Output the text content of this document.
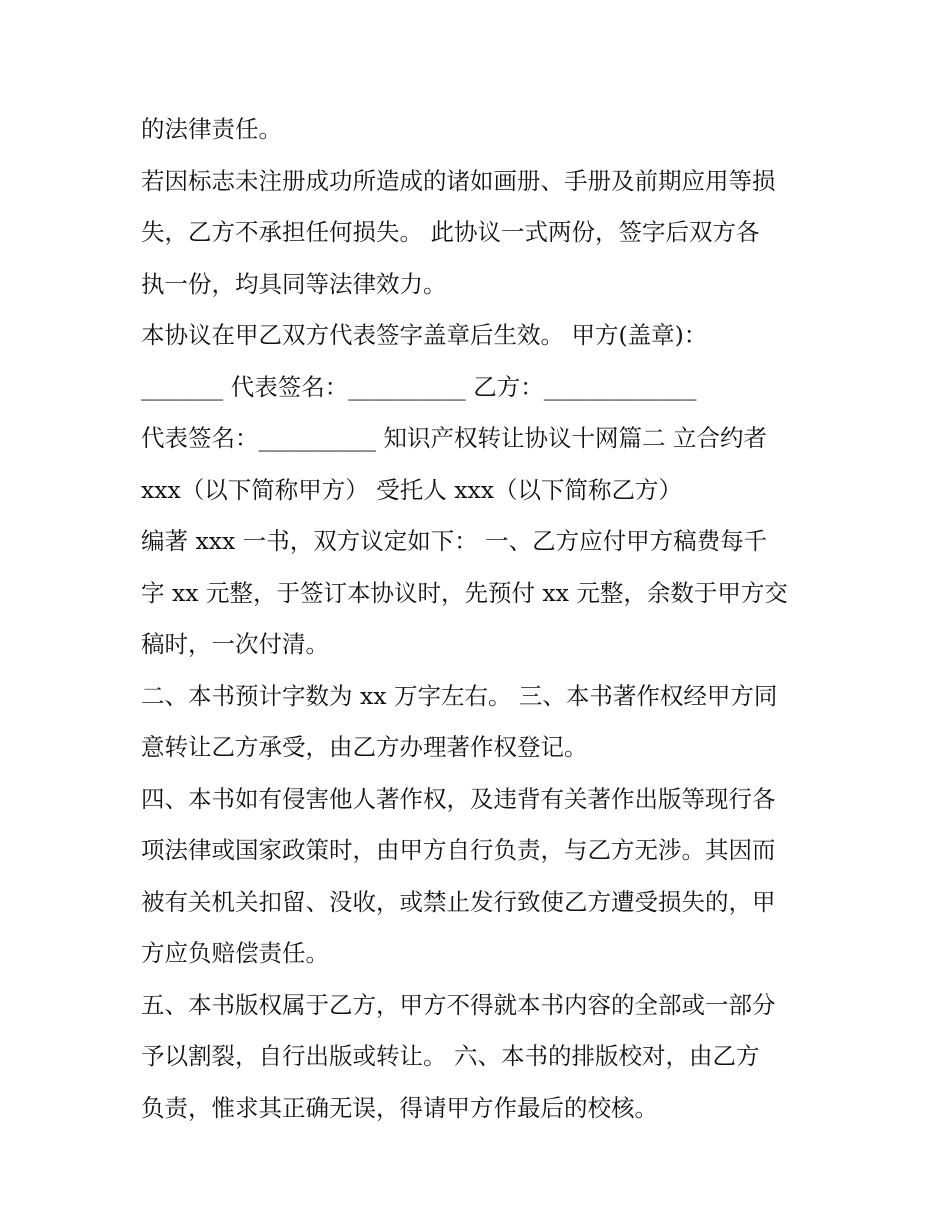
的法律责任。
若因标志未注册成功所造成的诸如画册、手册及前期应用等损
失，乙方不承担任何损失。 此协议一式两份，签字后双方各
执一份，均具同等法律效力。
本协议在甲乙双方代表签字盖章后生效。 甲方(盖章)：
_______ 代表签名：__________ 乙方：_____________
代表签名：__________ 知识产权转让协议十网篇二 立合约者
xxx（以下简称甲方） 受托人 xxx（以下简称乙方）
编著 xxx 一书，双方议定如下： 一、乙方应付甲方稿费每千
字 xx 元整，于签订本协议时，先预付 xx 元整，余数于甲方交
稿时，一次付清。
二、本书预计字数为 xx 万字左右。 三、本书著作权经甲方同
意转让乙方承受，由乙方办理著作权登记。
四、本书如有侵害他人著作权，及违背有关著作出版等现行各
项法律或国家政策时，由甲方自行负责，与乙方无涉。其因而
被有关机关扣留、没收，或禁止发行致使乙方遭受损失的，甲
方应负赔偿责任。
五、本书版权属于乙方，甲方不得就本书内容的全部或一部分
予以割裂，自行出版或转让。 六、本书的排版校对，由乙方
负责，惟求其正确无误，得请甲方作最后的校核。
